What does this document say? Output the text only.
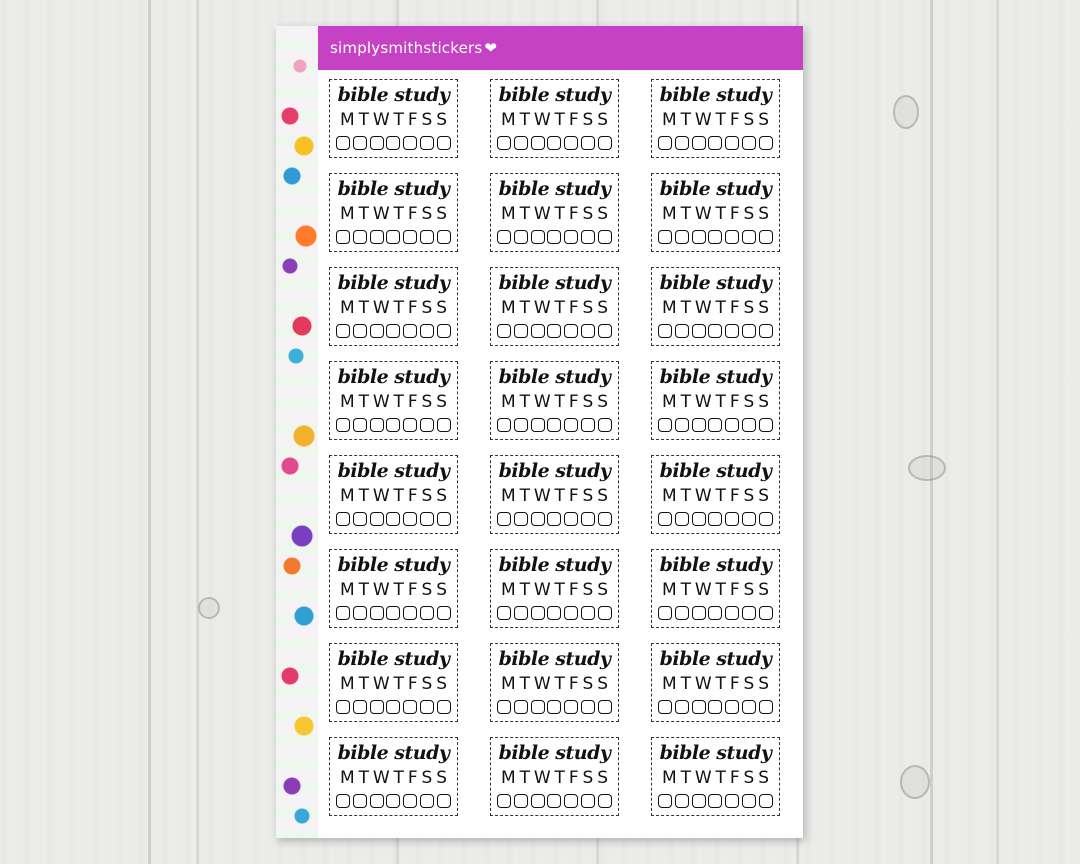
simplysmithstickers ❤
bible study
M T W T F S S
bible study
M T W T F S S
bible study
M T W T F S S
bible study
M T W T F S S
bible study
M T W T F S S
bible study
M T W T F S S
bible study
M T W T F S S
bible study
M T W T F S S
bible study
M T W T F S S
bible study
M T W T F S S
bible study
M T W T F S S
bible study
M T W T F S S
bible study
M T W T F S S
bible study
M T W T F S S
bible study
M T W T F S S
bible study
M T W T F S S
bible study
M T W T F S S
bible study
M T W T F S S
bible study
M T W T F S S
bible study
M T W T F S S
bible study
M T W T F S S
bible study
M T W T F S S
bible study
M T W T F S S
bible study
M T W T F S S
